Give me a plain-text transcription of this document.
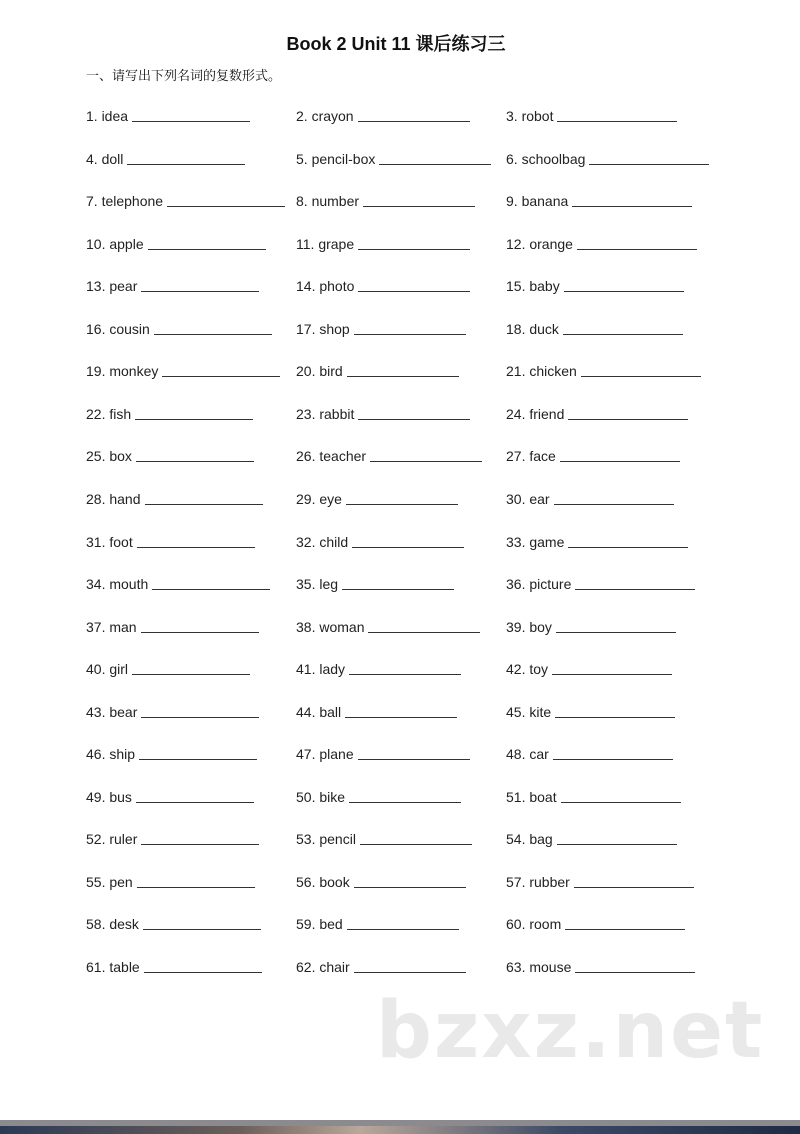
Book 2 Unit 11 课后练习三
一、请写出下列名词的复数形式。
1. idea	2. crayon	3. robot
4. doll	5. pencil-box	6. schoolbag
7. telephone	8. number	9. banana
10. apple	11. grape	12. orange
13. pear	14. photo	15. baby
16. cousin	17. shop	18. duck
19. monkey	20. bird	21. chicken
22. fish	23. rabbit	24. friend
25. box	26. teacher	27. face
28. hand	29. eye	30. ear
31. foot	32. child	33. game
34. mouth	35. leg	36. picture
37. man	38. woman	39. boy
40. girl	41. lady	42. toy
43. bear	44. ball	45. kite
46. ship	47. plane	48. car
49. bus	50. bike	51. boat
52. ruler	53. pencil	54. bag
55. pen	56. book	57. rubber
58. desk	59. bed	60. room
61. table	62. chair	63. mouse
bzxz.net
